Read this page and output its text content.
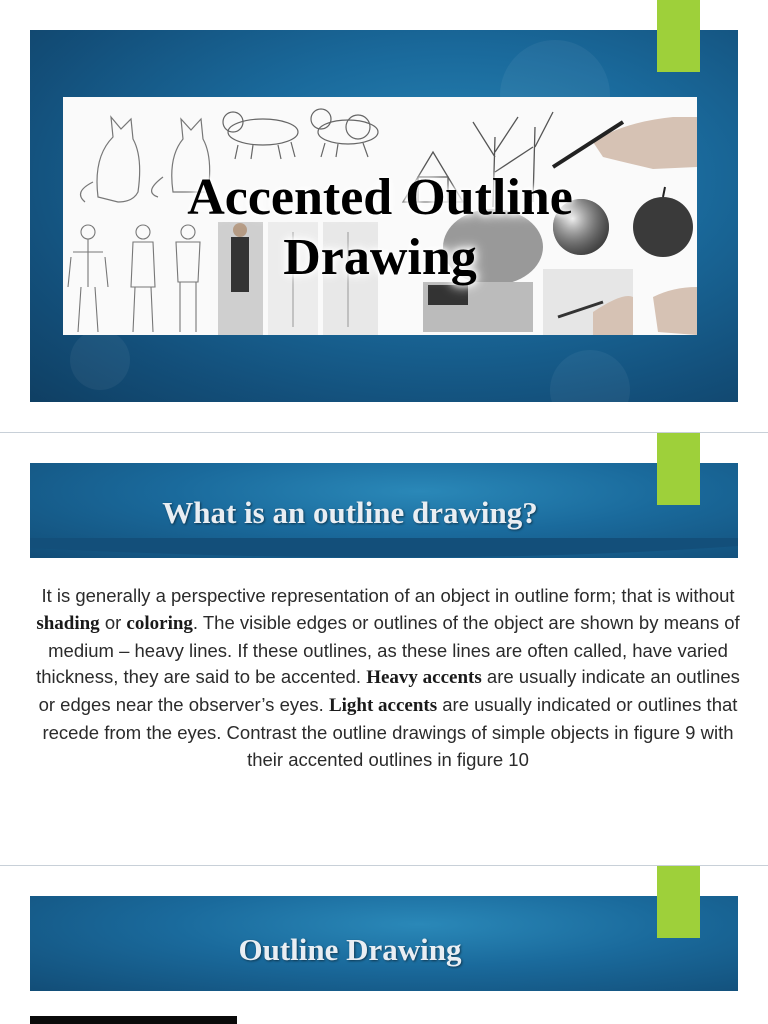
Accented Outline
Drawing
What is an outline drawing?
It is generally a perspective representation of an object in outline form; that is without shading or coloring. The visible edges or outlines of the object are shown by means of medium – heavy lines. If these outlines, as these lines are often called, have varied thickness, they are said to be accented. Heavy accents are usually indicate an outlines or edges near the observer’s eyes. Light accents are usually indicated or outlines that recede from the eyes. Contrast the outline drawings of simple objects in figure 9 with their accented outlines in figure 10
Outline Drawing
